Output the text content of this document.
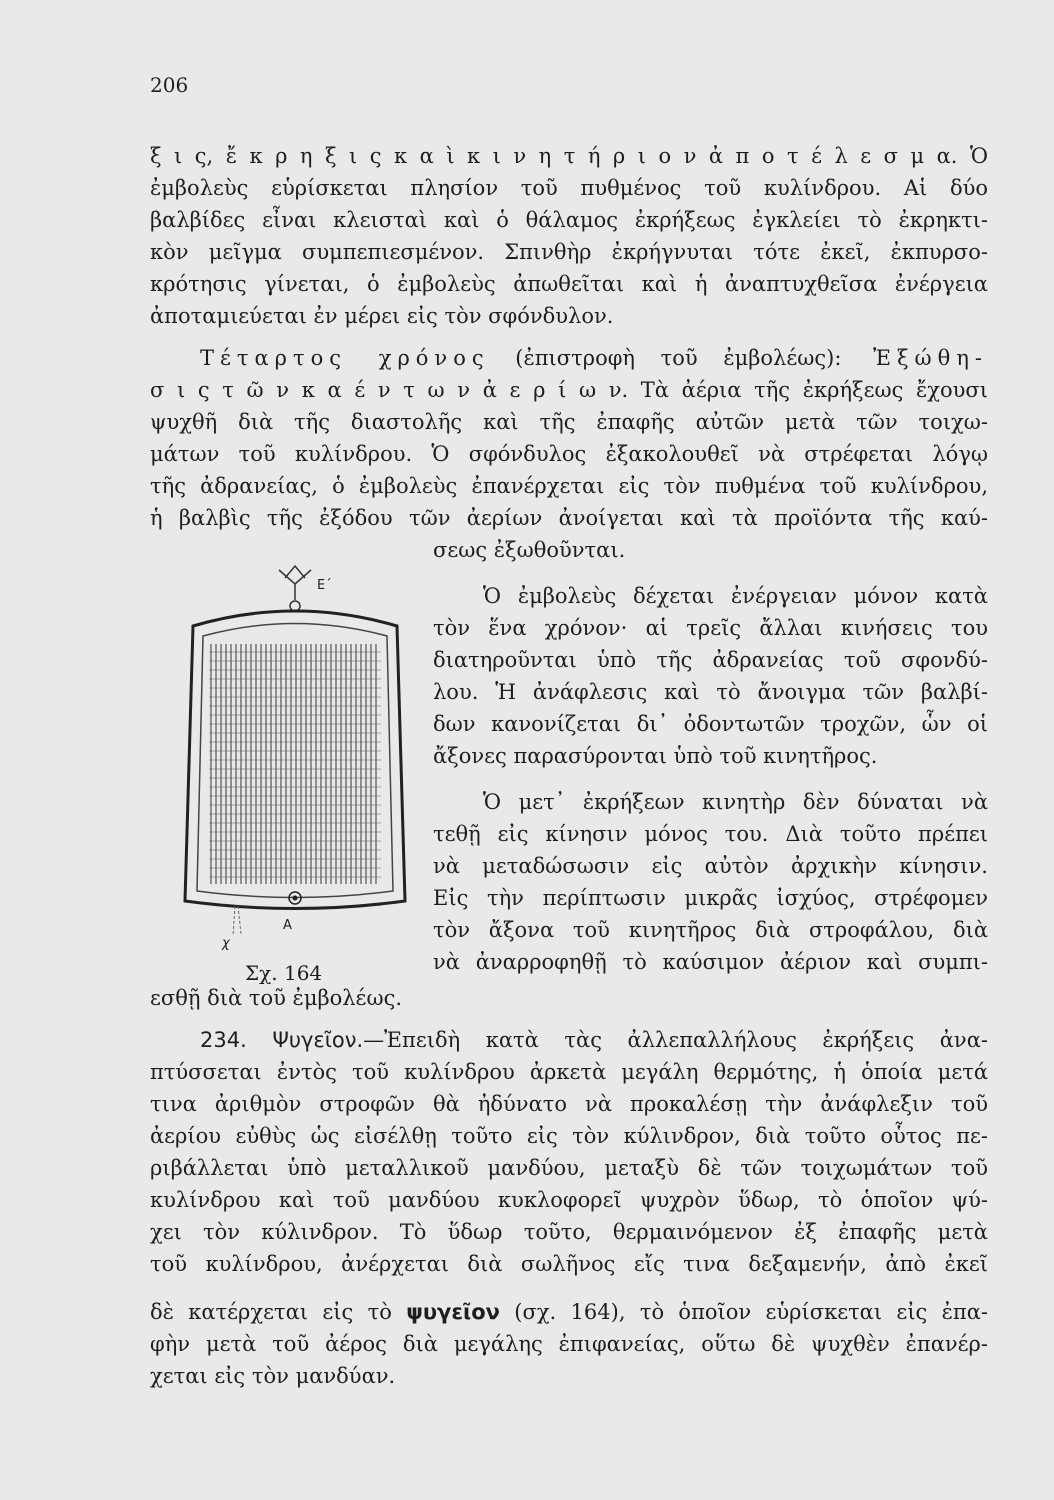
206
ξ ι ς, ἔ κ ρ η ξ ι ς κ α ὶ κ ι ν η τ ή ρ ι ο ν ἀ π ο τ έ λ ε σ μ α. Ὁ
ἐμβολεὺς εὑρίσκεται πλησίον τοῦ πυθμένος τοῦ κυλίνδρου. Αἱ δύο
βαλβίδες εἶναι κλεισταὶ καὶ ὁ θάλαμος ἐκρήξεως ἐγκλείει τὸ ἐκρηκτι-
κὸν μεῖγμα συμπεπιεσμένον. Σπινθὴρ ἐκρήγνυται τότε ἐκεῖ, ἐκπυρσο-
κρότησις γίνεται, ὁ ἐμβολεὺς ἀπωθεῖται καὶ ἡ ἀναπτυχθεῖσα ἐνέργεια
ἀποταμιεύεται ἐν μέρει εἰς τὸν σφόνδυλον.
Τέταρτος χρόνος (ἐπιστροφὴ τοῦ ἐμβολέως): Ἐξώθη-
σ ι ς τ ῶ ν κ α έ ν τ ω ν ἀ ε ρ ί ω ν. Τὰ ἀέρια τῆς ἐκρήξεως ἔχουσι
ψυχθῆ διὰ τῆς διαστολῆς καὶ τῆς ἐπαφῆς αὐτῶν μετὰ τῶν τοιχω-
μάτων τοῦ κυλίνδρου. Ὁ σφόνδυλος ἐξακολουθεῖ νὰ στρέφεται λόγῳ
τῆς ἀδρανείας, ὁ ἐμβολεὺς ἐπανέρχεται εἰς τὸν πυθμένα τοῦ κυλίνδρου,
ἡ βαλβὶς τῆς ἐξόδου τῶν ἀερίων ἀνοίγεται καὶ τὰ προϊόντα τῆς καύ-
σεως ἐξωθοῦνται.
Ὁ ἐμβολεὺς δέχεται ἐνέργειαν μόνον κατὰ
τὸν ἕνα χρόνον· αἱ τρεῖς ἄλλαι κινήσεις του
διατηροῦνται ὑπὸ τῆς ἀδρανείας τοῦ σφονδύ-
λου. Ἡ ἀνάφλεσις καὶ τὸ ἄνοιγμα τῶν βαλβί-
δων κανονίζεται δι᾽ ὀδοντωτῶν τροχῶν, ὧν οἱ
ἄξονες παρασύρονται ὑπὸ τοῦ κινητῆρος.
Ὁ μετ᾽ ἐκρήξεων κινητὴρ δὲν δύναται νὰ
τεθῇ εἰς κίνησιν μόνος του. Διὰ τοῦτο πρέπει
νὰ μεταδώσωσιν εἰς αὐτὸν ἀρχικὴν κίνησιν.
Εἰς τὴν περίπτωσιν μικρᾶς ἰσχύος, στρέφομεν
τὸν ἄξονα τοῦ κινητῆρος διὰ στροφάλου, διὰ
νὰ ἀναρροφηθῇ τὸ καύσιμον ἀέριον καὶ συμπι-
εσθῇ διὰ τοῦ ἐμβολέως.
Ε΄
Α
χ
Σχ. 164
234. Ψυγεῖον.—Ἐπειδὴ κατὰ τὰς ἀλλεπαλλήλους ἐκρήξεις ἀνα-
πτύσσεται ἐντὸς τοῦ κυλίνδρου ἀρκετὰ μεγάλη θερμότης, ἡ ὁποία μετά
τινα ἀριθμὸν στροφῶν θὰ ἠδύνατο νὰ προκαλέσῃ τὴν ἀνάφλεξιν τοῦ
ἀερίου εὐθὺς ὡς εἰσέλθῃ τοῦτο εἰς τὸν κύλινδρον, διὰ τοῦτο οὗτος πε-
ριβάλλεται ὑπὸ μεταλλικοῦ μανδύου, μεταξὺ δὲ τῶν τοιχωμάτων τοῦ
κυλίνδρου καὶ τοῦ μανδύου κυκλοφορεῖ ψυχρὸν ὕδωρ, τὸ ὁποῖον ψύ-
χει τὸν κύλινδρον. Τὸ ὕδωρ τοῦτο, θερμαινόμενον ἐξ ἐπαφῆς μετὰ
τοῦ κυλίνδρου, ἀνέρχεται διὰ σωλῆνος εἴς τινα δεξαμενήν, ἀπὸ ἐκεῖ
δὲ κατέρχεται εἰς τὸ ψυγεῖον (σχ. 164), τὸ ὁποῖον εὑρίσκεται εἰς ἐπα-
φὴν μετὰ τοῦ ἀέρος διὰ μεγάλης ἐπιφανείας, οὕτω δὲ ψυχθὲν ἐπανέρ-
χεται εἰς τὸν μανδύαν.
